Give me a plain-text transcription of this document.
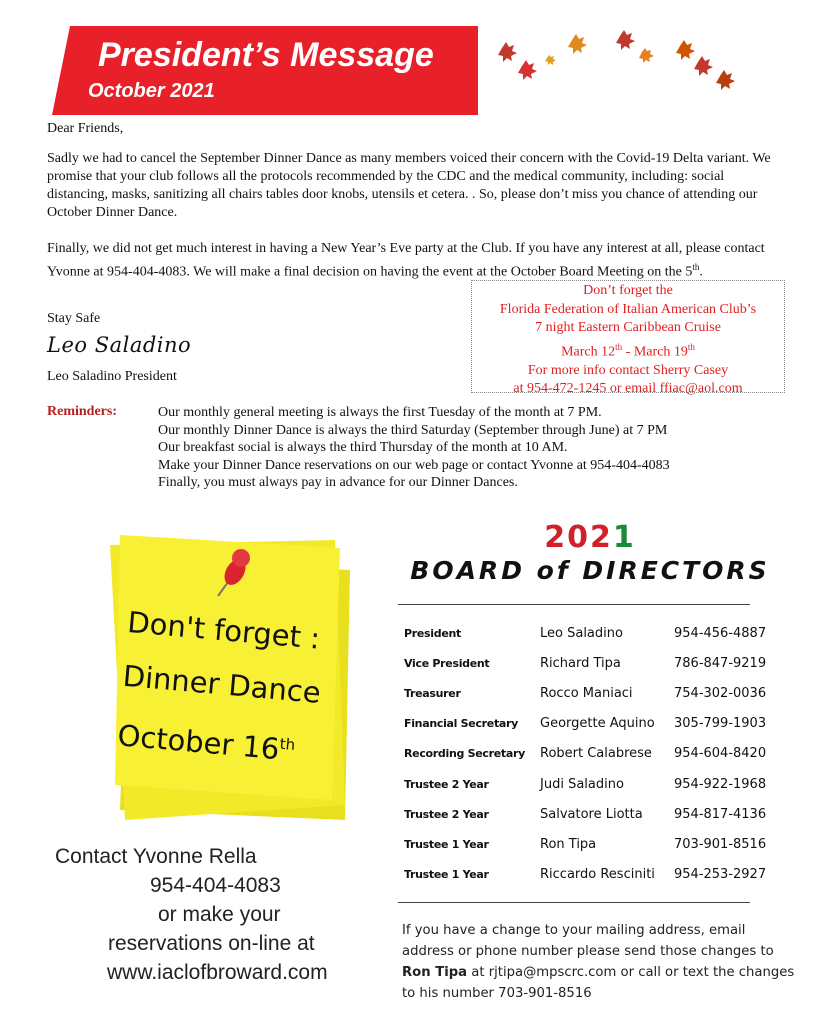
President’s Message
October 2021
Dear Friends,
Sadly we had to cancel the September Dinner Dance as many members voiced their concern with the Covid-19 Delta variant. We promise that your club follows all the protocols recommended by the CDC and the medical community, including: social distancing, masks, sanitizing all chairs tables door knobs, utensils et cetera. . So, please don’t miss you chance of attending our October Dinner Dance.
Finally, we did not get much interest in having a New Year’s Eve party at the Club. If you have any interest at all, please contact Yvonne at 954-404-4083. We will make a final decision on having the event at the October Board Meeting on the 5th.
Stay Safe
Leo Saladino
Leo Saladino President
Don’t forget the
Florida Federation of Italian American Club’s
7 night Eastern Caribbean Cruise
March 12th - March 19th
For more info contact Sherry Casey
at 954-472-1245 or email ffiac@aol.com
Reminders:	Our monthly general meeting is always the first Tuesday of the month at 7 PM.
Our monthly Dinner Dance is always the third Saturday (September through June) at 7 PM
Our breakfast social is always the third Thursday of the month at 10 AM.
Make your Dinner Dance reservations on our web page or contact Yvonne at 954-404-4083
Finally, you must always pay in advance for our Dinner Dances.
Don't forget :
Dinner Dance
October 16th
Contact Yvonne Rella
954-404-4083
or make your
reservations on-line at
www.iaclofbroward.com
2021
BOARD of DIRECTORS
President	Leo Saladino	954-456-4887
Vice President	Richard Tipa	786-847-9219
Treasurer	Rocco Maniaci	754-302-0036
Financial Secretary	Georgette Aquino	305-799-1903
Recording Secretary	Robert Calabrese	954-604-8420
Trustee 2 Year	Judi Saladino	954-922-1968
Trustee 2 Year	Salvatore Liotta	954-817-4136
Trustee 1 Year	Ron Tipa	703-901-8516
Trustee 1 Year	Riccardo Resciniti	954-253-2927
If you have a change to your mailing address, email address or phone number please send those changes to Ron Tipa at rjtipa@mpscrc.com or call or text the changes to his number 703-901-8516
